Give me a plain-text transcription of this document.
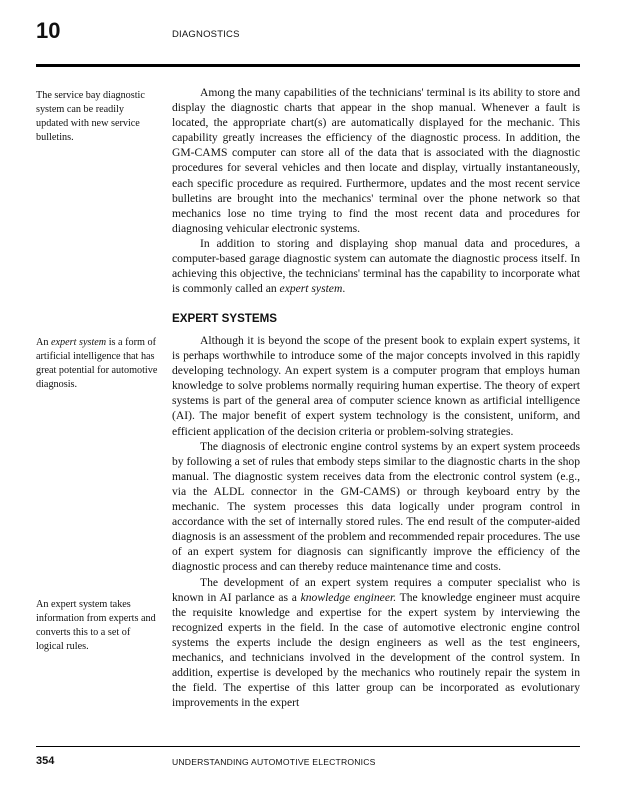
10	DIAGNOSTICS
The service bay diagnostic system can be readily updated with new service bulletins.
An expert system is a form of artificial intelligence that has great potential for automotive diagnosis.
An expert system takes information from experts and converts this to a set of logical rules.

Among the many capabilities of the technicians' terminal is its ability to store and display the diagnostic charts that appear in the shop manual. Whenever a fault is located, the appropriate chart(s) are automatically displayed for the mechanic. This capability greatly increases the efficiency of the diagnostic process. In addition, the GM-CAMS computer can store all of the data that is associated with the diagnostic procedures for several vehicles and then locate and display, virtually instantaneously, each specific procedure as required. Furthermore, updates and the most recent service bulletins are brought into the mechanics' terminal over the phone network so that mechanics lose no time trying to find the most recent data and procedures for diagnosing vehicular electronic systems.

In addition to storing and displaying shop manual data and procedures, a computer-based garage diagnostic system can automate the diagnostic process itself. In achieving this objective, the technicians' terminal has the capability to incorporate what is commonly called an expert system.

EXPERT SYSTEMS

Although it is beyond the scope of the present book to explain expert systems, it is perhaps worthwhile to introduce some of the major concepts involved in this rapidly developing technology. An expert system is a computer program that employs human knowledge to solve problems normally requiring human expertise. The theory of expert systems is part of the general area of computer science known as artificial intelligence (AI). The major benefit of expert system technology is the consistent, uniform, and efficient application of the decision criteria or problem-solving strategies.

The diagnosis of electronic engine control systems by an expert system proceeds by following a set of rules that embody steps similar to the diagnostic charts in the shop manual. The diagnostic system receives data from the electronic control system (e.g., via the ALDL connector in the GM-CAMS) or through keyboard entry by the mechanic. The system processes this data logically under program control in accordance with the set of internally stored rules. The end result of the computer-aided diagnosis is an assessment of the problem and recommended repair procedures. The use of an expert system for diagnosis can significantly improve the efficiency of the diagnostic process and can thereby reduce maintenance time and costs.

The development of an expert system requires a computer specialist who is known in AI parlance as a knowledge engineer. The knowledge engineer must acquire the requisite knowledge and expertise for the expert system by interviewing the recognized experts in the field. In the case of automotive electronic engine control systems the experts include the design engineers as well as the test engineers, mechanics, and technicians involved in the development of the control system. In addition, expertise is developed by the mechanics who routinely repair the system in the field. The expertise of this latter group can be incorporated as evolutionary improvements in the expert

354	UNDERSTANDING AUTOMOTIVE ELECTRONICS
